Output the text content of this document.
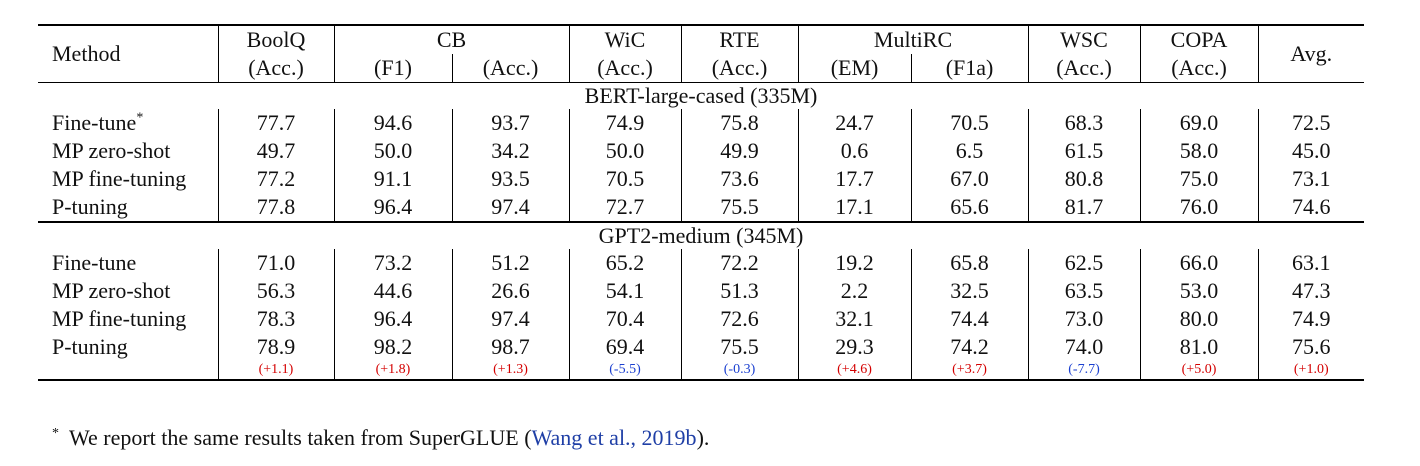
Method	BoolQ	CB		WiC	RTE	MultiRC		WSC	COPA	Avg.
	(Acc.)	(F1)	(Acc.)	(Acc.)	(Acc.)	(EM)	(F1a)	(Acc.)	(Acc.)	
BERT-large-cased (335M)										
Fine-tune*	77.7	94.6	93.7	74.9	75.8	24.7	70.5	68.3	69.0	72.5
MP zero-shot	49.7	50.0	34.2	50.0	49.9	0.6	6.5	61.5	58.0	45.0
MP fine-tuning	77.2	91.1	93.5	70.5	73.6	17.7	67.0	80.8	75.0	73.1
P-tuning	77.8	96.4	97.4	72.7	75.5	17.1	65.6	81.7	76.0	74.6
GPT2-medium (345M)										
Fine-tune	71.0	73.2	51.2	65.2	72.2	19.2	65.8	62.5	66.0	63.1
MP zero-shot	56.3	44.6	26.6	54.1	51.3	2.2	32.5	63.5	53.0	47.3
MP fine-tuning	78.3	96.4	97.4	70.4	72.6	32.1	74.4	73.0	80.0	74.9
P-tuning	78.9	98.2	98.7	69.4	75.5	29.3	74.2	74.0	81.0	75.6
	(+1.1)	(+1.8)	(+1.3)	(-5.5)	(-0.3)	(+4.6)	(+3.7)	(-7.7)	(+5.0)	(+1.0)
* We report the same results taken from SuperGLUE (Wang et al., 2019b).
